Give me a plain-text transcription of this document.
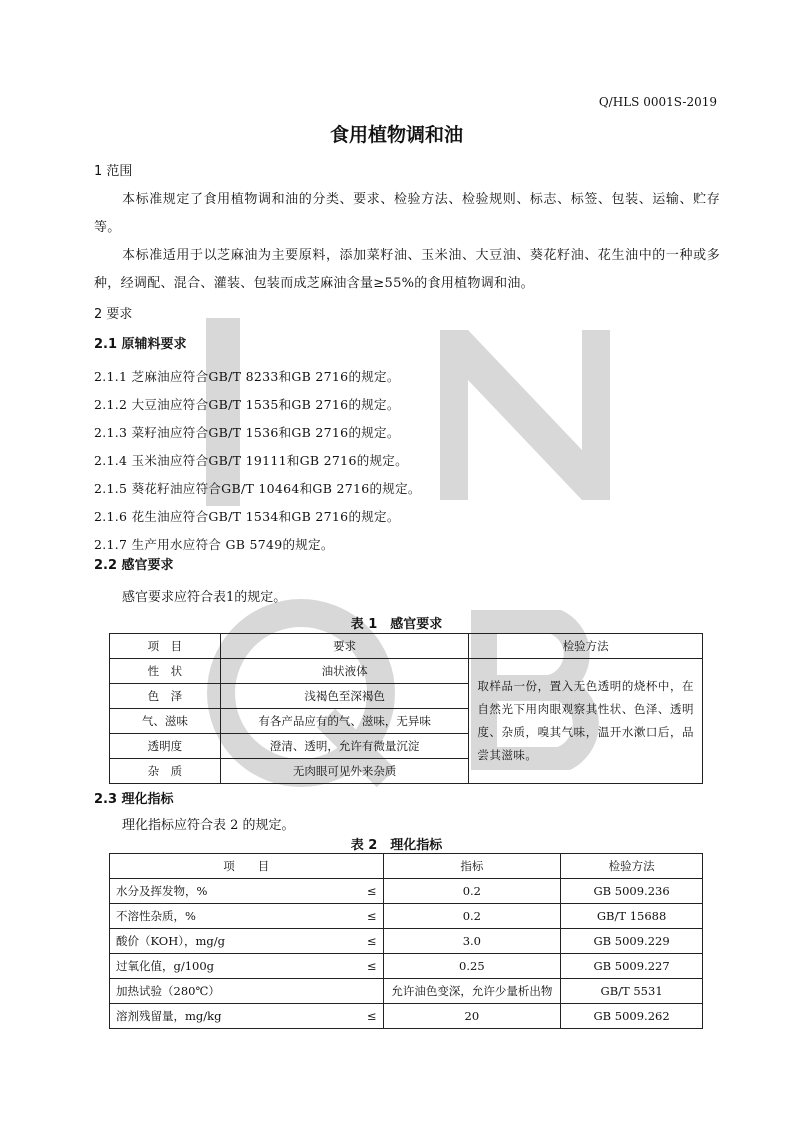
Q/HLS 0001S-2019
食用植物调和油
1 范围
本标准规定了食用植物调和油的分类、要求、检验方法、检验规则、标志、标签、包装、运输、贮存等。
本标准适用于以芝麻油为主要原料，添加菜籽油、玉米油、大豆油、葵花籽油、花生油中的一种或多种，经调配、混合、灌装、包装而成芝麻油含量≥55%的食用植物调和油。
2 要求
2.1 原辅料要求
2.1.1 芝麻油应符合GB/T 8233和GB 2716的规定。
2.1.2 大豆油应符合GB/T 1535和GB 2716的规定。
2.1.3 菜籽油应符合GB/T 1536和GB 2716的规定。
2.1.4 玉米油应符合GB/T 19111和GB 2716的规定。
2.1.5 葵花籽油应符合GB/T 10464和GB 2716的规定。
2.1.6 花生油应符合GB/T 1534和GB 2716的规定。
2.1.7 生产用水应符合 GB 5749的规定。
2.2 感官要求
感官要求应符合表1的规定。
表 1　感官要求
项　目	要求	检验方法
性　状	油状液体	取样品一份，置入无色透明的烧杯中，在自然光下用肉眼观察其性状、色泽、透明度、杂质，嗅其气味，温开水漱口后，品尝其滋味。
色　泽	浅褐色至深褐色	
气、滋味	有各产品应有的气、滋味，无异味	
透明度	澄清、透明，允许有微量沉淀	
杂　质	无肉眼可见外来杂质	
2.3 理化指标
理化指标应符合表 2 的规定。
表 2　理化指标
项　　目	指标	检验方法

水分及挥发物，% ≤	0.2	GB 5009.236

不溶性杂质，% ≤	0.2	GB/T 15688

酸价（KOH），mg/g ≤	3.0	GB 5009.229

过氧化值，g/100g ≤	0.25	GB 5009.227

加热试验（280℃）	允许油色变深，允许少量析出物	GB/T 5531

溶剂残留量，mg/kg ≤	20	GB 5009.262
